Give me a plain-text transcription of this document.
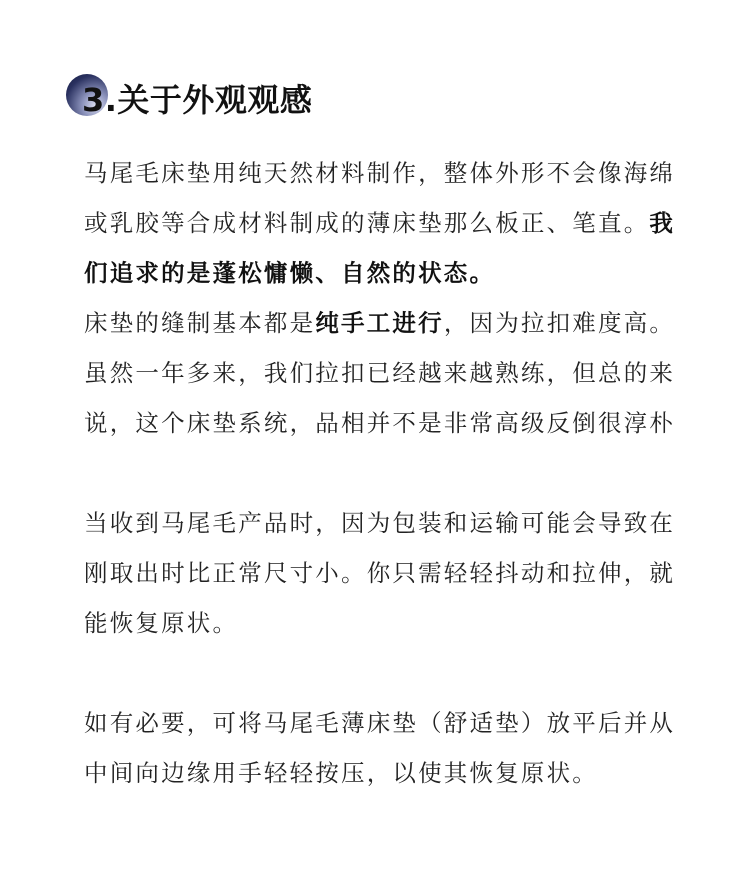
3.关于外观观感

马尾毛床垫用纯天然材料制作，整体外形不会像海绵或乳胶等合成材料制成的薄床垫那么板正、笔直。我们追求的是蓬松慵懒、自然的状态。

床垫的缝制基本都是纯手工进行，因为拉扣难度高。虽然一年多来，我们拉扣已经越来越熟练，但总的来说，这个床垫系统，品相并不是非常高级反倒很淳朴

当收到马尾毛产品时，因为包装和运输可能会导致在刚取出时比正常尺寸小。你只需轻轻抖动和拉伸，就能恢复原状。

如有必要，可将马尾毛薄床垫（舒适垫）放平后并从中间向边缘用手轻轻按压，以使其恢复原状。
